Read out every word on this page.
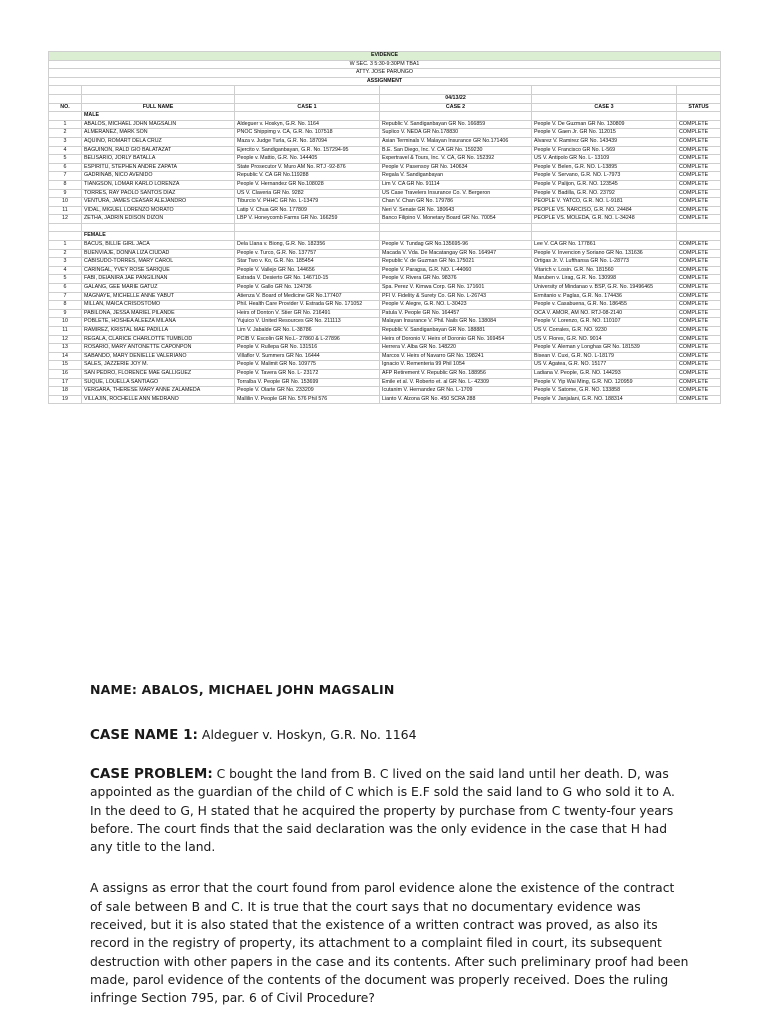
EVIDENCE					
W SEC. 3 5:30-9:30PM TBA1					
ATTY. JOSE PARUNGO					
ASSIGNMENT					

			04/13/22		
NO.	FULL NAME	CASE 1	CASE 2	CASE 3	STATUS
	MALE				
1	ABALOS, MICHAEL JOHN MAGSALIN	Aldeguer v. Hoskyn, G.R. No. 1164	Republic V. Sandiganbayan GR No. 166859	People V. De Guzman GR No. 130809	COMPLETE
2	ALMERANEZ, MARK SON	PNOC Shippimg v. CA, G.R. No. 107518	Suplico V. NEDA GR No.178830	People V. Gaen Jr. GR No. 112015	COMPLETE
3	AQUINO, ROMART DELA CRUZ	Maza v. Judge Turla, G.R. No. 187094	Asian Terminals V. Malayan Insurance GR No.171406	Alvarez V. Ramirez GR No. 143439	COMPLETE
4	BAGUINON, RALD GIO BALATAZAT	Ejercito v. Sandiganbayan, G.R. No. 157294-95	B.E. San Diego, Inc. V. CA GR No. 159230	People V. Francisco GR No. L-569	COMPLETE
5	BELISARIO, JORLY BATALLA	People v. Mattio, G.R. No. 144405	Expertravel & Tours, Inc. V. CA, GR No. 152392	US V. Antipolo GR No. L- 13109	COMPLETE
6	ESPIRITU, STEPHEN ANDRE ZAPATA	State Prosecutor V. Muro AM No. RTJ -92-876	People V. Pasensoy GR No. 140634	People V. Belen, G.R. NO. L-13895	COMPLETE
7	GADRINAB, NICO AVENIDO	Republic V. CA GR No.119288	Regala V. Sandiganbayan	People V. Servano, G.R. NO. L-7973	COMPLETE
8	TIANGSON, LOMAR KARLO LORENZA	People V. Hernandez GR No.108028	Lim V. CA GR No. 91114	People V. Palijon, G.R. NO. 123545	COMPLETE
9	TORRES, RAY PAOLO SANTOS DIAZ	US V. Claveria GR No. 9282	US Case Travelers Insurance Co. V. Bergeron	People V. Badilla, G.R. NO. 23792	COMPLETE
10	VENTURA, JAMES CEASAR ALEJANDRO	Tiburcio V. PHHC GR No. L-13479	Chan V. Chan GR No. 179786	PEOPLE V. YATCO, G.R. NO. L-9181	COMPLETE
11	VIDAL, MIGUEL LORENZO MORATO	Latip V. Chua GR No. 177809	Neri V. Senate GR No. 180643	PEOPLE VS. NARCISO, G.R. NO. 24484	COMPLETE
12	ZETHA, JADRIN EDISON DIZON	LBP V. Honeycomb Farms GR No. 166259	Banco Filipino V. Monetary Board GR No. 70054	PEOPLE VS. MOLEDA, G.R. NO. L-34248	COMPLETE

	FEMALE				
1	BACUS, BILLIE GIRL JACA	Dela Llana v. Biong, G.R. No. 182356	People V. Tundag GR No.135695-96	Lee V. CA GR No. 177861	COMPLETE
2	BUENVIAJE, DONNA LIZA CIUDAD	People v. Turco, G.R. No. 137757	Macada V. Vda. De Macatangay GR No. 164947	People V. Invencion y Soriano GR No. 131636	COMPLETE
3	CABISUDO-TORRES, MARY CAROL	Star Two v. Ko, G.R. No. 185454	Republic V. de Guzman GR No.175021	Ortigas Jr. V. Lufthansa GR No. L-28773	COMPLETE
4	CARINGAL, YVEY ROSE SARIQUE	People V. Vallejo GR No. 144656	People V. Paragsa, G.R. NO. L-44060	Vitarich v. Losin. G.R. No. 181560	COMPLETE
5	FABI, DEIANIRA JAE PANGILINAN	Estrada V. Desierto GR No. 146710-15	People V. Rivera GR No. 98376	Maruben v. Lirag, G.R. No. 130998	COMPLETE
6	GALANG, GEE MARIE GATUZ	People V. Gallo GR No. 124736	Spa. Perez V. Kimwa Corp. GR No. 171601	University of Mindanao v. BSP, G.R. No. 19496465	COMPLETE
7	MAGNAYE, MICHELLE ANNE YABUT	Atienza V. Board of Medicine GR No.177407	PFI V. Fidelity & Surety Co. GR No. L-26743	Ermitanio v. Paglas, G.R. No. 174436	COMPLETE
8	MILLAN, MAICA CRISOSTOMO	Phil. Health Care Provider V. Estrada GR No. 171052	People V. Alegre, G.R. NO. L-30423	People v. Casabuena, G.R. No. 186455	COMPLETE
9	PABILONA, JESSA MARIEL PILANDE	Heirs of Donton V. Stier GR No. 216491	Patula V. People GR No. 164457	OCA V. AMOR, AM NO. RTJ-08-2140	COMPLETE
10	POBLETE, HOSHEA ALEEZA MILANA	Yujuico V. United Resources GR No. 211113	Malayan Insurance V. Phil. Nails GR No. 138084	People V. Lorenzo, G.R. NO. 110107	COMPLETE
11	RAMIREZ, KRISTAL MAE PADILLA	Lim V. Jabalde GR No. L-38786	Republic V. Sandiganbayan GR No. 188881	US V. Corrales, G.R. NO. 9230	COMPLETE
12	REGALA, CLARICE CHARLOTTE TUMBLOD	PCIB V. Escolin GR No.L- 27860 & L-27896	Heirs of Doronio V. Heirs of Doronio GR No. 169454	US V. Flores, G.R. NO. 9014	COMPLETE
13	ROSARIO, MARY ANTONETTE CAPONPON	People V. Rullepa GR No. 131516	Herrera V. Alba GR No. 148220	People V. Aleman y Longhas GR No. 181539	COMPLETE
14	SABANDO, MARY DENIELLE VALERIANO	Villaflor V. Summers GR No. 16444	Marcos V. Heirs of Navarro GR No. 198241	Bisean V. Cuxi, G.R. NO. L-18179	COMPLETE
15	SALES, JAZZERIE JOY M.	People V. Malimit GR No. 109775	Ignacio V. Rementeria 99 Phil 1054	US V. Agatea, G.R. NO. 15177	COMPLETE
16	SAN PEDRO, FLORENCE MAE GALLIGUEZ	People V. Tavera GR No. L- 23172	AFP Retirement V. Republic GR No. 188956	Ladiana V. People, G.R. NO. 144293	COMPLETE
17	SUQUE, LOUELLA SANTIAGO	Torralba V. People GR No. 153699	Emile et al. V. Roberto et. al GR No. L- 42309	People V. Yip Wai Ming, G.R. NO. 120959	COMPLETE
18	VERGARA, THERESE MARY ANNE ZALAMEDA	People V. Olarte GR No. 233209	Icutanim V. Hernandez GR No. L-1709	People V. Satome, G.R. NO. 133858	COMPLETE
19	VILLAJIN, ROCHELLE ANN MEDRANO	Mallilin V. People GR No. 576 Phil 576	Lianto V. Alzona GR No. 450 SCRA 288	People V. Janjalani, G.R. NO. 188314	COMPLETE
NAME: ABALOS, MICHAEL JOHN MAGSALIN
CASE NAME 1: Aldeguer v. Hoskyn, G.R. No. 1164

CASE PROBLEM: C bought the land from B. C lived on the said land until her death. D, was appointed as the guardian of the child of C which is E.F sold the said land to G who sold it to A. In the deed to G, H stated that he acquired the property by purchase from C twenty-four years before. The court finds that the said declaration was the only evidence in the case that H had any title to the land.

A assigns as error that the court found from parol evidence alone the existence of the contract of sale between B and C. It is true that the court says that no documentary evidence was received, but it is also stated that the existence of a written contract was proved, as also its record in the registry of property, its attachment to a complaint filed in court, its subsequent destruction with other papers in the case and its contents. After such preliminary proof had been made, parol evidence of the contents of the document was properly received. Does the ruling infringe Section 795, par. 6 of Civil Procedure?
